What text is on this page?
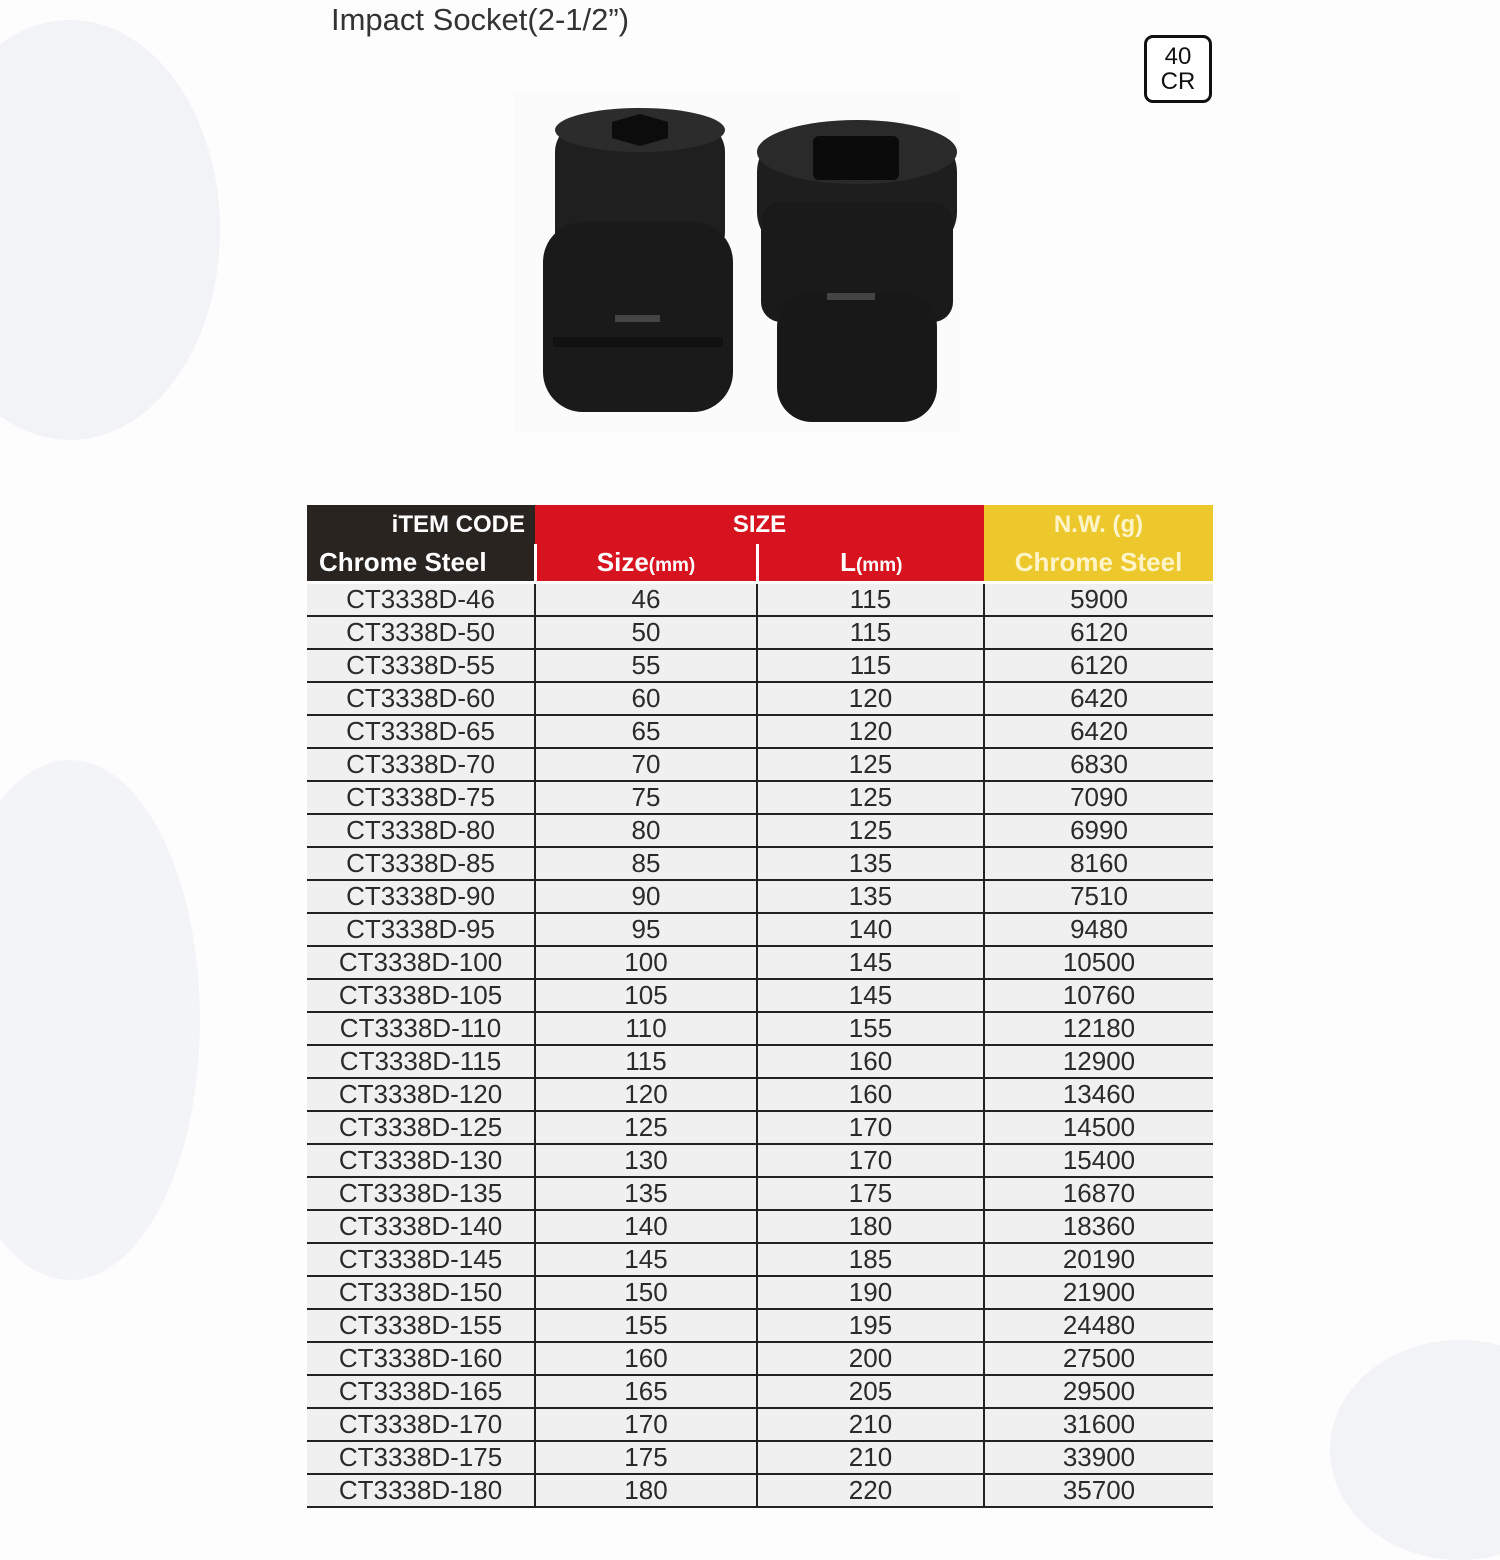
Impact Socket(2-1/2”)
40
CR
iTEM CODE	SIZE		N.W. (g)
Chrome Steel	Size(mm)	L(mm)	Chrome Steel
CT3338D-46	46	115	5900
CT3338D-50	50	115	6120
CT3338D-55	55	115	6120
CT3338D-60	60	120	6420
CT3338D-65	65	120	6420
CT3338D-70	70	125	6830
CT3338D-75	75	125	7090
CT3338D-80	80	125	6990
CT3338D-85	85	135	8160
CT3338D-90	90	135	7510
CT3338D-95	95	140	9480
CT3338D-100	100	145	10500
CT3338D-105	105	145	10760
CT3338D-110	110	155	12180
CT3338D-115	115	160	12900
CT3338D-120	120	160	13460
CT3338D-125	125	170	14500
CT3338D-130	130	170	15400
CT3338D-135	135	175	16870
CT3338D-140	140	180	18360
CT3338D-145	145	185	20190
CT3338D-150	150	190	21900
CT3338D-155	155	195	24480
CT3338D-160	160	200	27500
CT3338D-165	165	205	29500
CT3338D-170	170	210	31600
CT3338D-175	175	210	33900
CT3338D-180	180	220	35700
